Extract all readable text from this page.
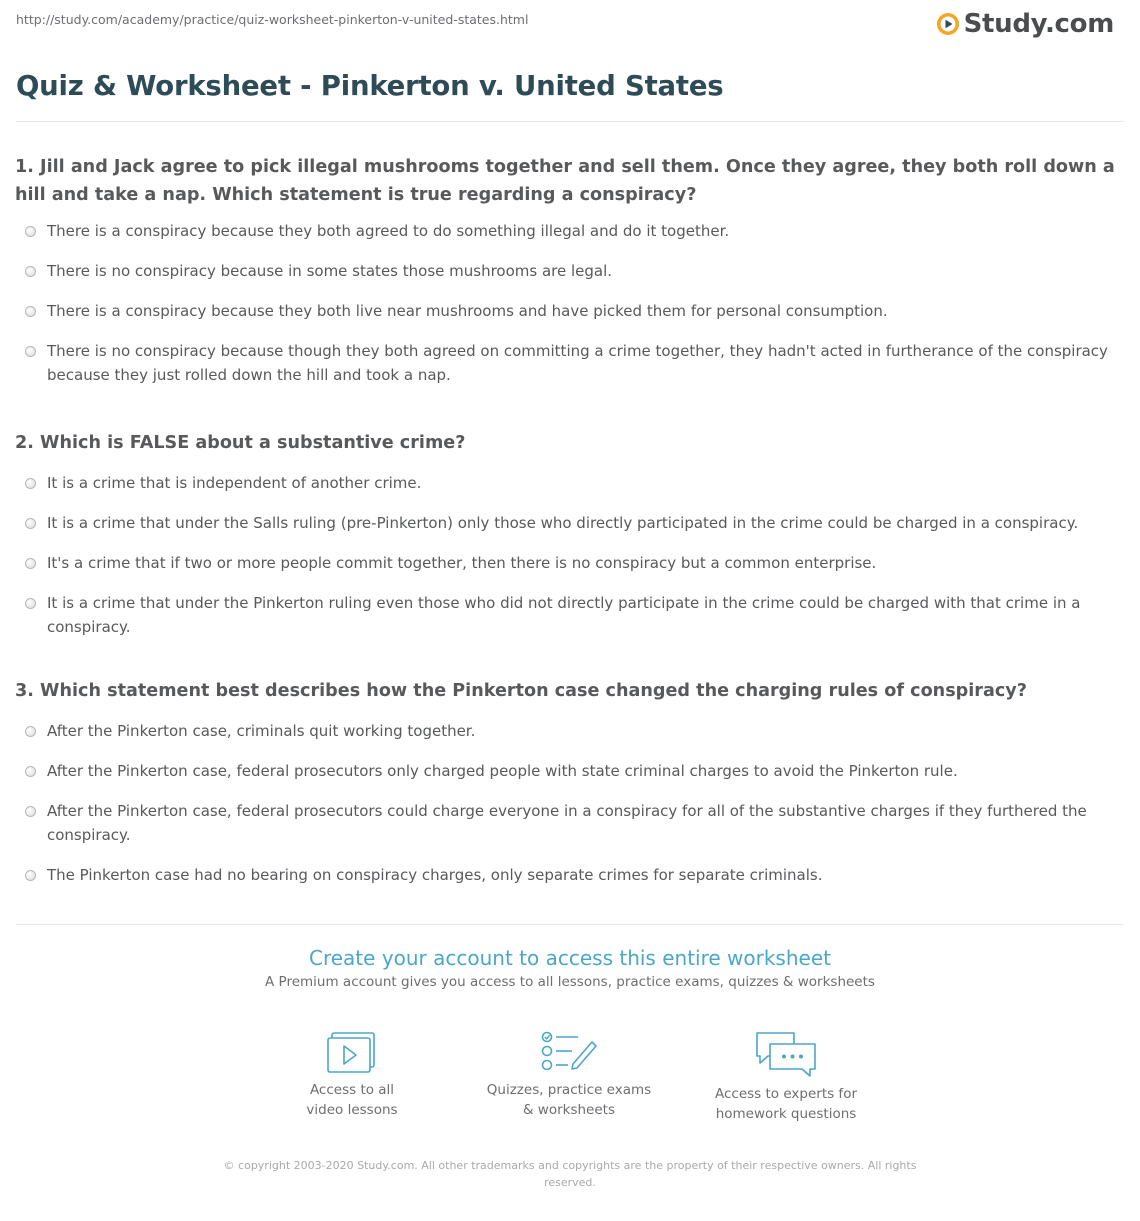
http://study.com/academy/practice/quiz-worksheet-pinkerton-v-united-states.html	Study.com
Quiz & Worksheet - Pinkerton v. United States

1. Jill and Jack agree to pick illegal mushrooms together and sell them. Once they agree, they both roll down a hill and take a nap. Which statement is true regarding a conspiracy?

There is a conspiracy because they both agreed to do something illegal and do it together.
There is no conspiracy because in some states those mushrooms are legal.
There is a conspiracy because they both live near mushrooms and have picked them for personal consumption.
There is no conspiracy because though they both agreed on committing a crime together, they hadn't acted in furtherance of the conspiracy because they just rolled down the hill and took a nap.

2. Which is FALSE about a substantive crime?

It is a crime that is independent of another crime.
It is a crime that under the Salls ruling (pre-Pinkerton) only those who directly participated in the crime could be charged in a conspiracy.
It's a crime that if two or more people commit together, then there is no conspiracy but a common enterprise.
It is a crime that under the Pinkerton ruling even those who did not directly participate in the crime could be charged with that crime in a conspiracy.

3. Which statement best describes how the Pinkerton case changed the charging rules of conspiracy?

After the Pinkerton case, criminals quit working together.
After the Pinkerton case, federal prosecutors only charged people with state criminal charges to avoid the Pinkerton rule.
After the Pinkerton case, federal prosecutors could charge everyone in a conspiracy for all of the substantive charges if they furthered the conspiracy.
The Pinkerton case had no bearing on conspiracy charges, only separate crimes for separate criminals.
Create your account to access this entire worksheet
A Premium account gives you access to all lessons, practice exams, quizzes & worksheets
Access to all
video lessons
Quizzes, practice exams
& worksheets
Access to experts for
homework questions
© copyright 2003-2020 Study.com. All other trademarks and copyrights are the property of their respective owners. All rights reserved.
